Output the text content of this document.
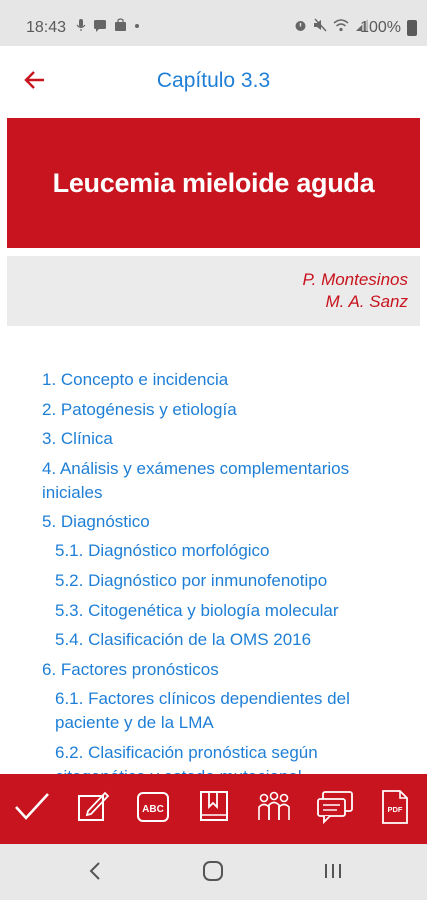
18:43	100%
Capítulo 3.3
Leucemia mieloide aguda
P. Montesinos
M. A. Sanz
1. Concepto e incidencia
2. Patogénesis y etiología
3. Clínica
4. Análisis y exámenes complementarios
iniciales
5. Diagnóstico
5.1. Diagnóstico morfológico
5.2. Diagnóstico por inmunofenotipo
5.3. Citogenética y biología molecular
5.4. Clasificación de la OMS 2016
6. Factores pronósticos
6.1. Factores clínicos dependientes del
paciente y de la LMA
6.2. Clasificación pronóstica según
ABC	PDF
